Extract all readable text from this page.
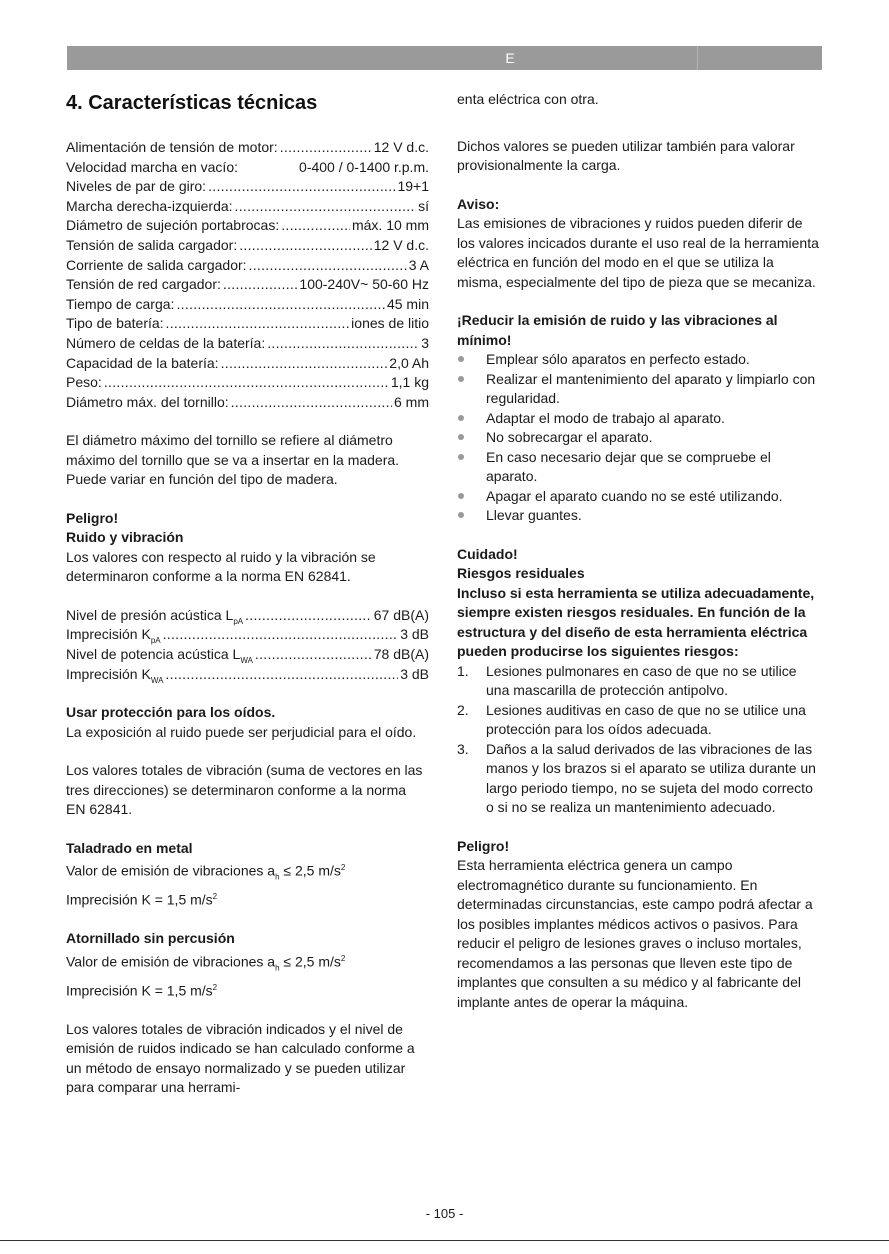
E
4. Características técnicas
Alimentación de tensión de motor: .....	12 V d.c.
Velocidad marcha en vacío:	0-400 / 0-1400 r.p.m.
Niveles de par de giro: .....	19+1
Marcha derecha-izquierda: .....	sí
Diámetro de sujeción portabrocas: .....	máx. 10 mm
Tensión de salida cargador: .....	12 V d.c.
Corriente de salida cargador: .....	3 A
Tensión de red cargador: .....	100-240V~ 50-60 Hz
Tiempo de carga: .....	45 min
Tipo de batería: .....	iones de litio
Número de celdas de la batería: .....	3
Capacidad de la batería: .....	2,0 Ah
Peso: .....	1,1 kg
Diámetro máx. del tornillo: .....	6 mm

El diámetro máximo del tornillo se refiere al diámetro máximo del tornillo que se va a insertar en la madera. Puede variar en función del tipo de madera.

Peligro!

Ruido y vibración

Los valores con respecto al ruido y la vibración se determinaron conforme a la norma EN 62841.

Nivel de presión acústica $L_{pA}$ .....	67 dB(A)
Imprecisión $K_{pA}$ .....	3 dB
Nivel de potencia acústica $L_{WA}$ .....	78 dB(A)
Imprecisión $K_{WA}$ .....	3 dB

Usar protección para los oídos.

La exposición al ruido puede ser perjudicial para el oído.

Los valores totales de vibración (suma de vectores en las tres direcciones) se determinaron conforme a la norma EN 62841.

Taladrado en metal

Valor de emisión de vibraciones $a_h \le 2,5$ $m/s^2$

Imprecisión K = 1,5 $m/s^2$

Atornillado sin percusión

Valor de emisión de vibraciones $a_h \le 2,5$ $m/s^2$

Imprecisión K = 1,5 $m/s^2$

Los valores totales de vibración indicados y el nivel de emisión de ruidos indicado se han calculado conforme a un método de ensayo normalizado y se pueden utilizar para comparar una herrami-

enta eléctrica con otra.

Dichos valores se pueden utilizar también para valorar provisionalmente la carga.

Aviso:

Las emisiones de vibraciones y ruidos pueden diferir de los valores incicados durante el uso real de la herramienta eléctrica en función del modo en el que se utiliza la misma, especialmente del tipo de pieza que se mecaniza.

¡Reducir la emisión de ruido y las vibraciones al mínimo!

Emplear sólo aparatos en perfecto estado.
Realizar el mantenimiento del aparato y limpiarlo con regularidad.
Adaptar el modo de trabajo al aparato.
No sobrecargar el aparato.
En caso necesario dejar que se compruebe el aparato.
Apagar el aparato cuando no se esté utilizando.
Llevar guantes.

Cuidado!

Riesgos residuales

Incluso si esta herramienta se utiliza adecuadamente, siempre existen riesgos residuales. En función de la estructura y del diseño de esta herramienta eléctrica pueden producirse los siguientes riesgos:

1. Lesiones pulmonares en caso de que no se utilice una mascarilla de protección antipolvo.
2. Lesiones auditivas en caso de que no se utilice una protección para los oídos adecuada.
3. Daños a la salud derivados de las vibraciones de las manos y los brazos si el aparato se utiliza durante un largo periodo tiempo, no se sujeta del modo correcto o si no se realiza un mantenimiento adecuado.

Peligro!

Esta herramienta eléctrica genera un campo electromagnético durante su funcionamiento. En determinadas circunstancias, este campo podrá afectar a los posibles implantes médicos activos o pasivos. Para reducir el peligro de lesiones graves o incluso mortales, recomendamos a las personas que lleven este tipo de implantes que consulten a su médico y al fabricante del implante antes de operar la máquina.

- 105 -
